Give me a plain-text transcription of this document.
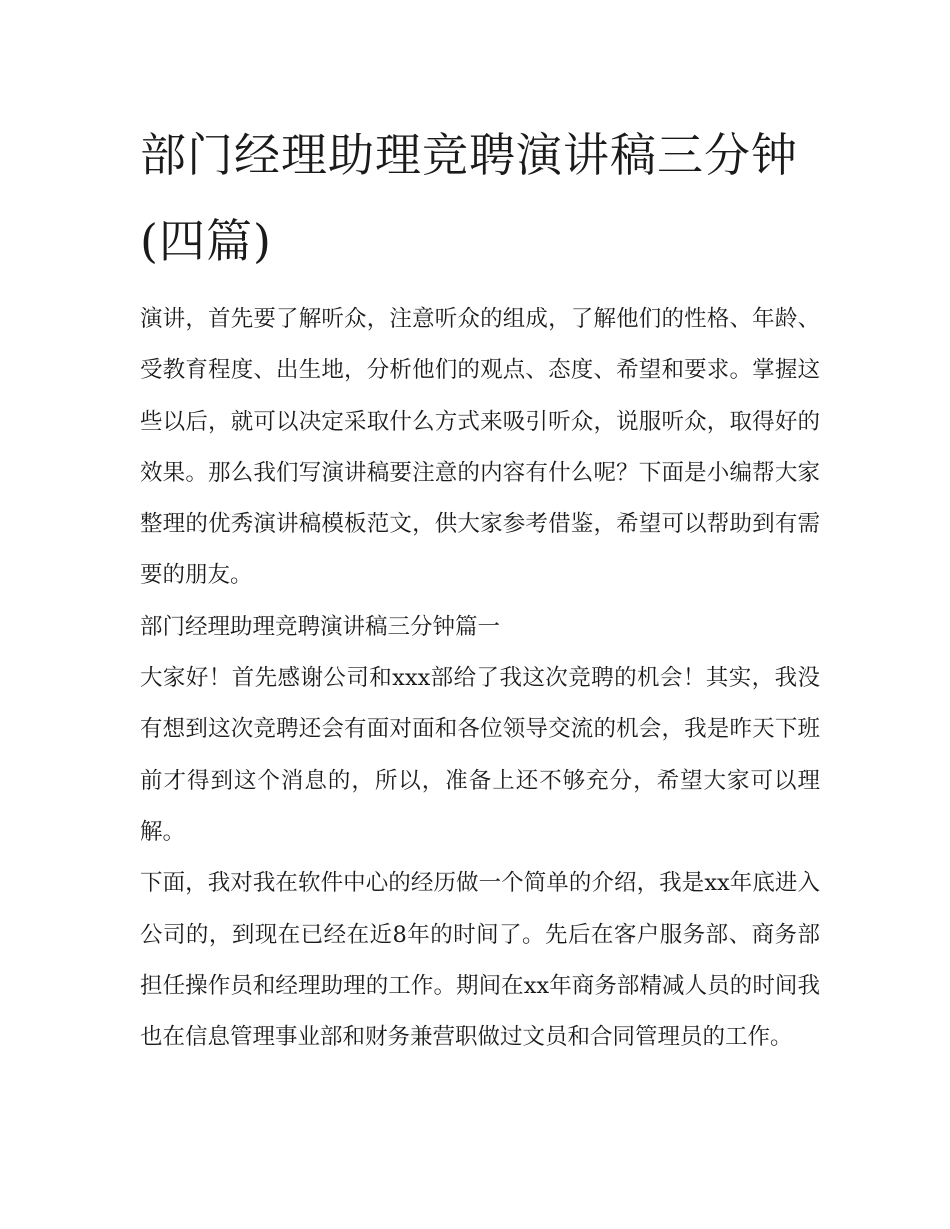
部门经理助理竞聘演讲稿三分钟(四篇)

演讲，首先要了解听众，注意听众的组成，了解他们的性格、年龄、受教育程度、出生地，分析他们的观点、态度、希望和要求。掌握这些以后，就可以决定采取什么方式来吸引听众，说服听众，取得好的效果。那么我们写演讲稿要注意的内容有什么呢？下面是小编帮大家整理的优秀演讲稿模板范文，供大家参考借鉴，希望可以帮助到有需要的朋友。

部门经理助理竞聘演讲稿三分钟篇一

大家好！首先感谢公司和xxx部给了我这次竞聘的机会！其实，我没有想到这次竞聘还会有面对面和各位领导交流的机会，我是昨天下班前才得到这个消息的，所以，准备上还不够充分，希望大家可以理解。

下面，我对我在软件中心的经历做一个简单的介绍，我是xx年底进入公司的，到现在已经在近8年的时间了。先后在客户服务部、商务部担任操作员和经理助理的工作。期间在xx年商务部精减人员的时间我也在信息管理事业部和财务兼营职做过文员和合同管理员的工作。
